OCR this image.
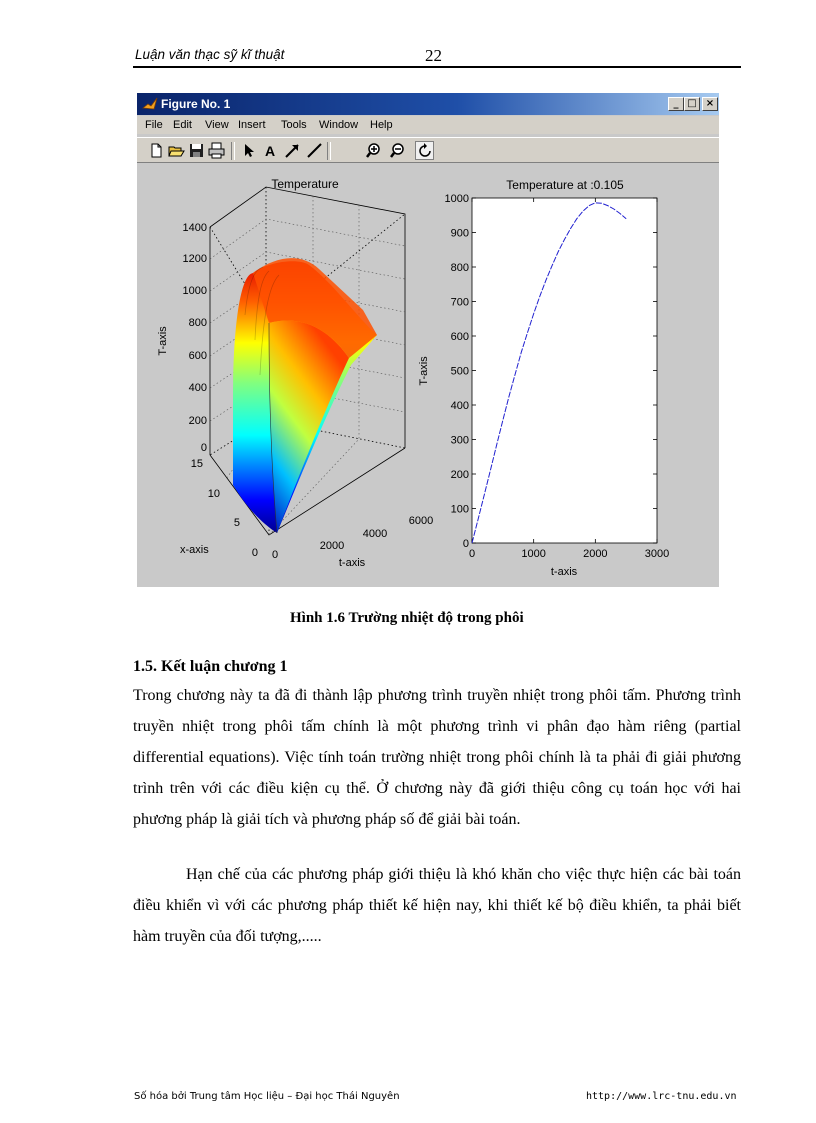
Luận văn thạc sỹ kĩ thuật	22
Figure No. 1	_ □ ×
File Edit View Insert Tools Window Help
A
Temperature
1400
1200
1000
800
600
400
200
0
15
10
5
0 0
2000
4000
6000
T-axis
x-axis
t-axis
Temperature at :0.105
0
100
200
300
400
500
600
700
800
900
1000
0	1000	2000	3000
T-axis
t-axis
Hình 1.6 Trường nhiệt độ trong phôi
1.5. Kết luận chương 1
Trong chương này ta đã đi thành lập phương trình truyền nhiệt trong phôi tấm. Phương trình truyền nhiệt trong phôi tấm chính là một phương trình vi phân đạo hàm riêng (partial differential equations). Việc tính toán trường nhiệt trong phôi chính là ta phải đi giải phương trình trên với các điều kiện cụ thể. Ở chương này đã giới thiệu công cụ toán học với hai phương pháp là giải tích và phương pháp số để giải bài toán.
Hạn chế của các phương pháp giới thiệu là khó khăn cho việc thực hiện các bài toán điều khiển vì với các phương pháp thiết kế hiện nay, khi thiết kế bộ điều khiển, ta phải biết hàm truyền của đối tượng,.....
Số hóa bởi Trung tâm Học liệu – Đại học Thái Nguyên	http://www.lrc-tnu.edu.vn
